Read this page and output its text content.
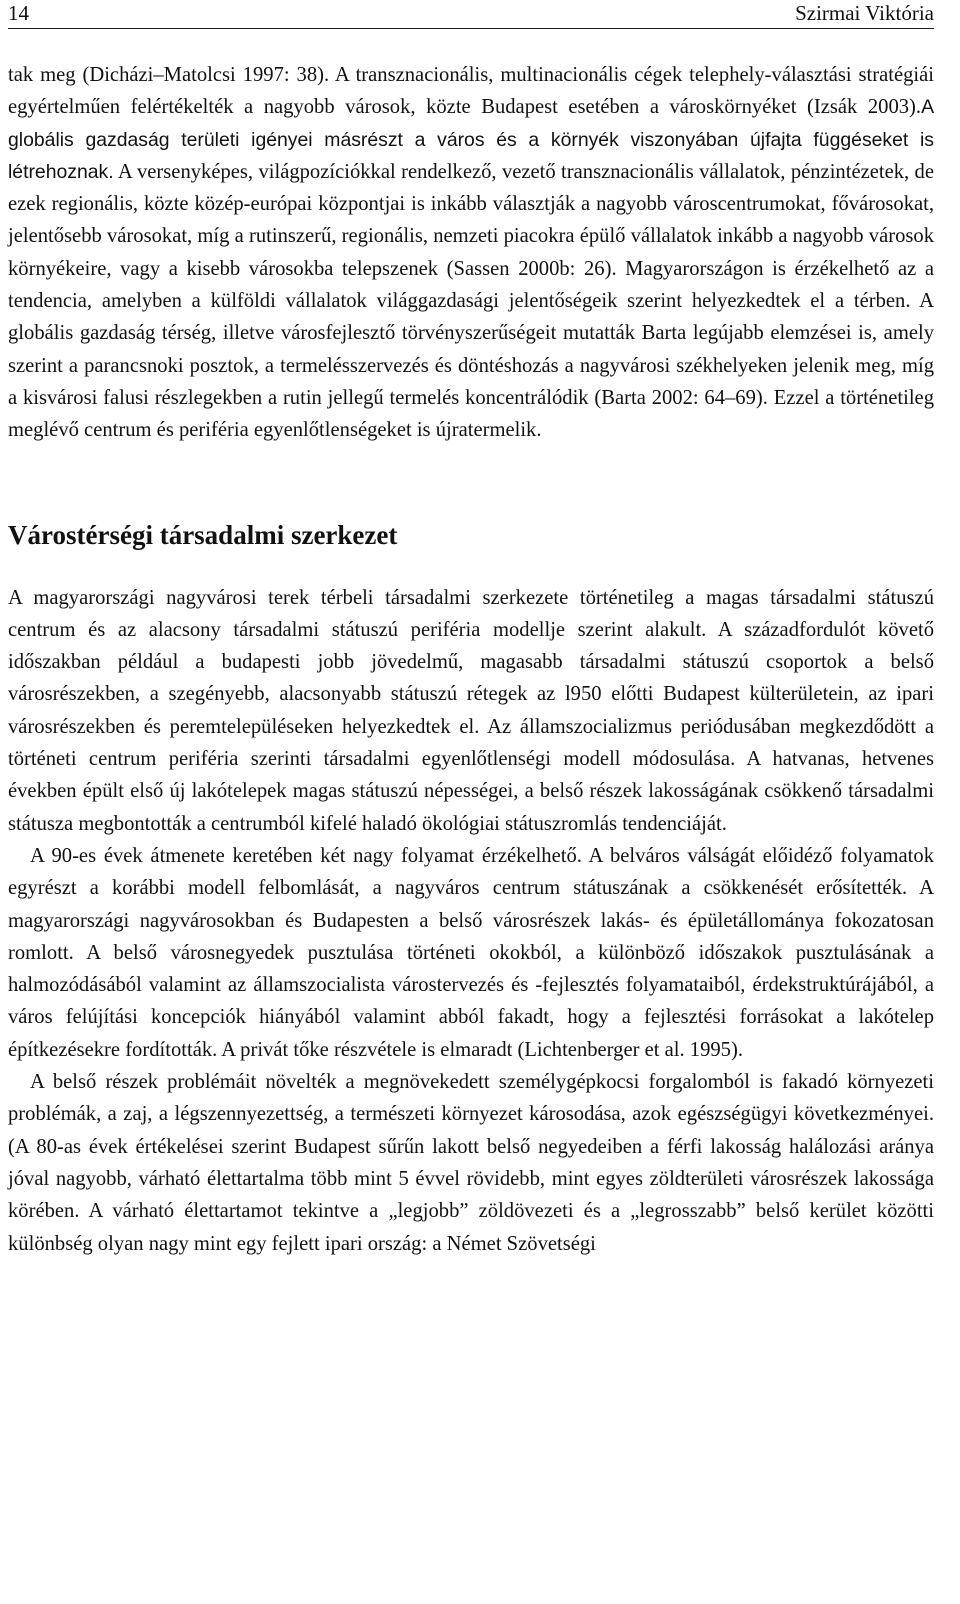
14	Szirmai Viktória

tak meg (Dicházi–Matolcsi 1997: 38). A transznacionális, multinacionális cégek telephely-választási stratégiái egyértelműen felértékelték a nagyobb városok, közte Budapest esetében a városkörnyéket (Izsák 2003).A globális gazdaság területi igényei másrészt a város és a környék viszonyában újfajta függéseket is létrehoznak. A versenyképes, világpozíciókkal rendelkező, vezető transznacionális vállalatok, pénzintézetek, de ezek regionális, közte közép-európai központjai is inkább választják a nagyobb városcentrumokat, fővárosokat, jelentősebb városokat, míg a rutinszerű, regionális, nemzeti piacokra épülő vállalatok inkább a nagyobb városok környékeire, vagy a kisebb városokba telepszenek (Sassen 2000b: 26). Magyarországon is érzékelhető az a tendencia, amelyben a külföldi vállalatok világgazdasági jelentőségeik szerint helyezkedtek el a térben. A globális gazdaság térség, illetve városfejlesztő törvényszerűségeit mutatták Barta legújabb elemzései is, amely szerint a parancsnoki posztok, a termelésszervezés és döntéshozás a nagyvárosi székhelyeken jelenik meg, míg a kisvárosi falusi részlegekben a rutin jellegű termelés koncentrálódik (Barta 2002: 64–69). Ezzel a történetileg meglévő centrum és periféria egyenlőtlenségeket is újratermelik.

Várostérségi társadalmi szerkezet

A magyarországi nagyvárosi terek térbeli társadalmi szerkezete történetileg a magas társadalmi státuszú centrum és az alacsony társadalmi státuszú periféria modellje szerint alakult. A századfordulót követő időszakban például a budapesti jobb jövedelmű, magasabb társadalmi státuszú csoportok a belső városrészekben, a szegényebb, alacsonyabb státuszú rétegek az l950 előtti Budapest külterületein, az ipari városrészekben és peremtelepüléseken helyezkedtek el. Az államszocializmus periódusában megkezdődött a történeti centrum periféria szerinti társadalmi egyenlőtlenségi modell módosulása. A hatvanas, hetvenes években épült első új lakótelepek magas státuszú népességei, a belső részek lakosságának csökkenő társadalmi státusza megbontották a centrumból kifelé haladó ökológiai státuszromlás tendenciáját.

A 90-es évek átmenete keretében két nagy folyamat érzékelhető. A belváros válságát előidéző folyamatok egyrészt a korábbi modell felbomlását, a nagyváros centrum státuszának a csökkenését erősítették. A magyarországi nagyvárosokban és Budapesten a belső városrészek lakás- és épületállománya fokozatosan romlott. A belső városnegyedek pusztulása történeti okokból, a különböző időszakok pusztulásának a halmozódásából valamint az államszocialista várostervezés és -fejlesztés folyamataiból, érdekstruktúrájából, a város felújítási koncepciók hiányából valamint abból fakadt, hogy a fejlesztési forrásokat a lakótelep építkezésekre fordították. A privát tőke részvétele is elmaradt (Lichtenberger et al. 1995).

A belső részek problémáit növelték a megnövekedett személygépkocsi forgalomból is fakadó környezeti problémák, a zaj, a légszennyezettség, a természeti környezet károsodása, azok egészségügyi következményei. (A 80-as évek értékelései szerint Budapest sűrűn lakott belső negyedeiben a férfi lakosság halálozási aránya jóval nagyobb, várható élettartalma több mint 5 évvel rövidebb, mint egyes zöldterületi városrészek lakossága körében. A várható élettartamot tekintve a „legjobb” zöldövezeti és a „legrosszabb” belső kerület közötti különbség olyan nagy mint egy fejlett ipari ország: a Német Szövetségi
